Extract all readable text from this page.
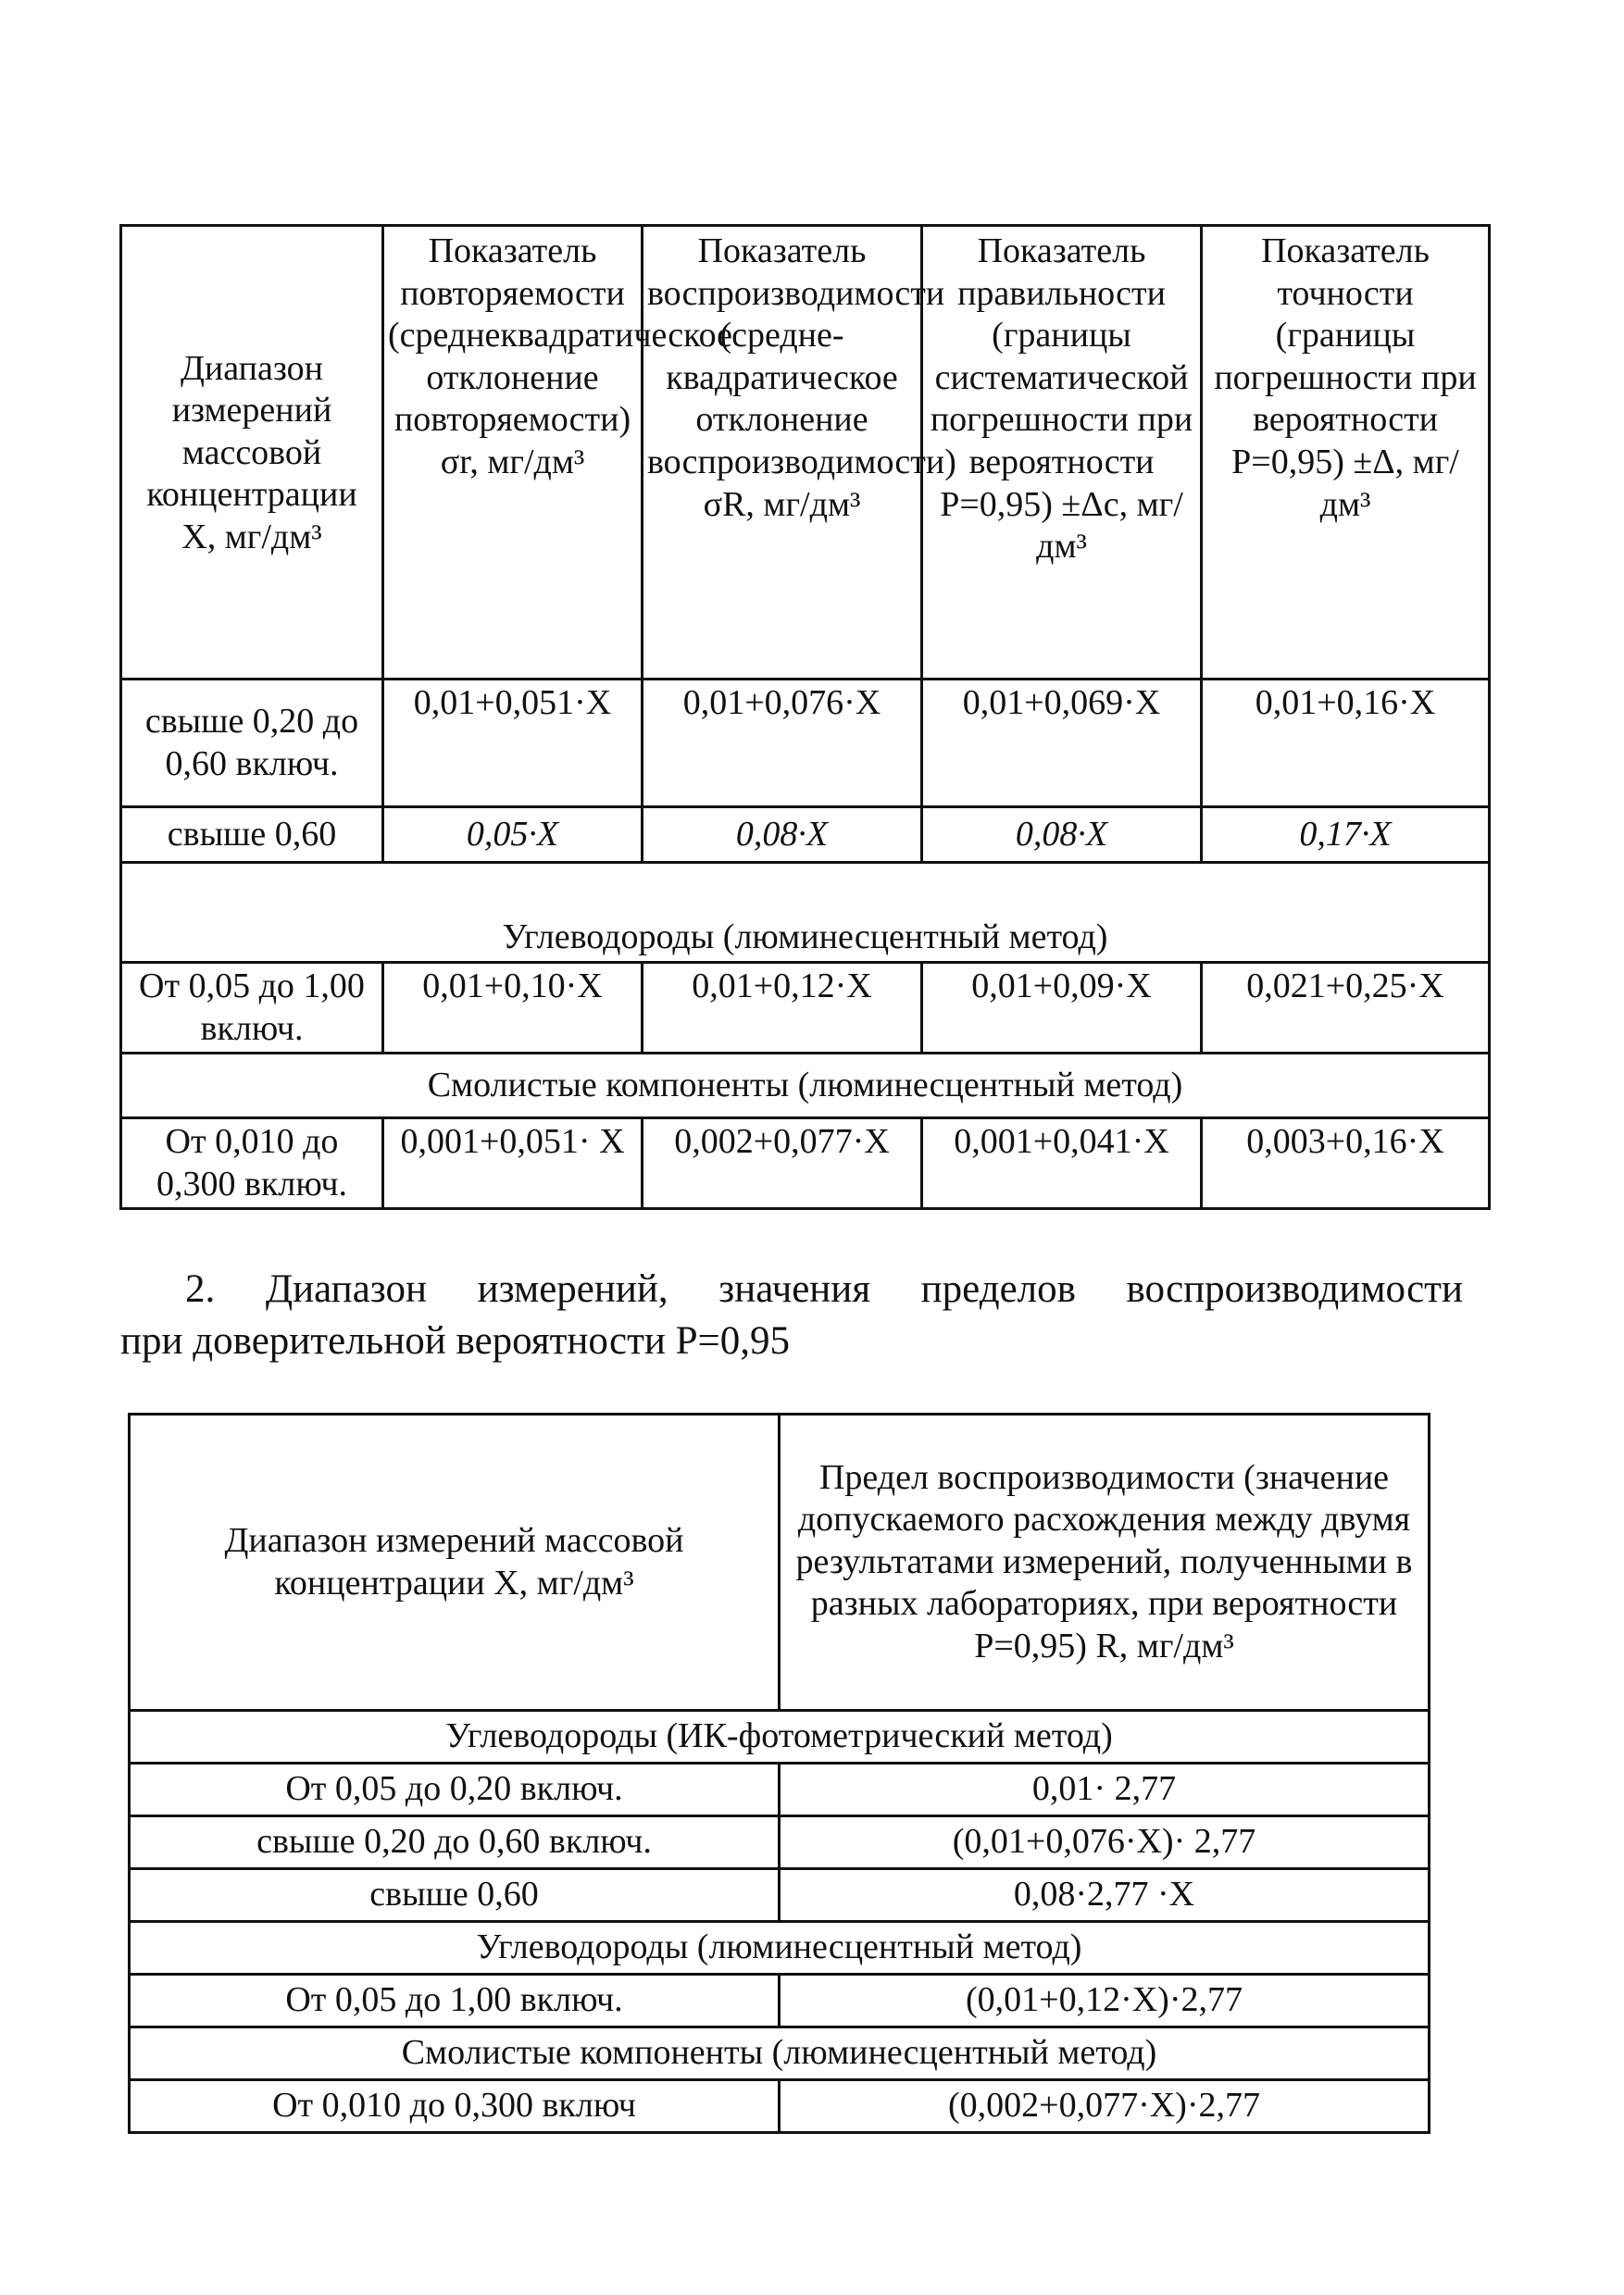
Диапазон измерений массовой концентрации Х, мг/дм³	Показатель повторяемости (среднеквадратическое отклонение повторяемости) σr, мг/дм³	Показатель воспроизводимости (средне-квадратическое отклонение воспроизводимости) σR, мг/дм³	Показатель правильности (границы систематической погрешности при вероятности Р=0,95) ±Δc, мг/дм³	Показатель точности (границы погрешности при вероятности Р=0,95) ±Δ, мг/дм³
свыше 0,20 до 0,60 включ.	0,01+0,051·Х	0,01+0,076·Х	0,01+0,069·Х	0,01+0,16·Х
свыше 0,60	0,05·X	0,08·X	0,08·X	0,17·X
Углеводороды (люминесцентный метод)				
От 0,05 до 1,00 включ.	0,01+0,10·Х	0,01+0,12·Х	0,01+0,09·Х	0,021+0,25·Х
Смолистые компоненты (люминесцентный метод)				
От 0,010 до 0,300 включ.	0,001+0,051· Х	0,002+0,077·Х	0,001+0,041·Х	0,003+0,16·Х
2. Диапазон измерений, значения пределов воспроизводимости
при доверительной вероятности Р=0,95
Диапазон измерений массовой концентрации Х, мг/дм³	Предел воспроизводимости (значение допускаемого расхождения между двумя результатами измерений, полученными в разных лабораториях, при вероятности Р=0,95) R, мг/дм³
Углеводороды (ИК-фотометрический метод)	
От 0,05 до 0,20 включ.	0,01· 2,77
свыше 0,20 до 0,60 включ.	(0,01+0,076·Х)· 2,77
свыше 0,60	0,08·2,77 ·X
Углеводороды (люминесцентный метод)	
От 0,05 до 1,00 включ.	(0,01+0,12·Х)·2,77
Смолистые компоненты (люминесцентный метод)	
От 0,010 до 0,300 включ	(0,002+0,077·Х)·2,77
